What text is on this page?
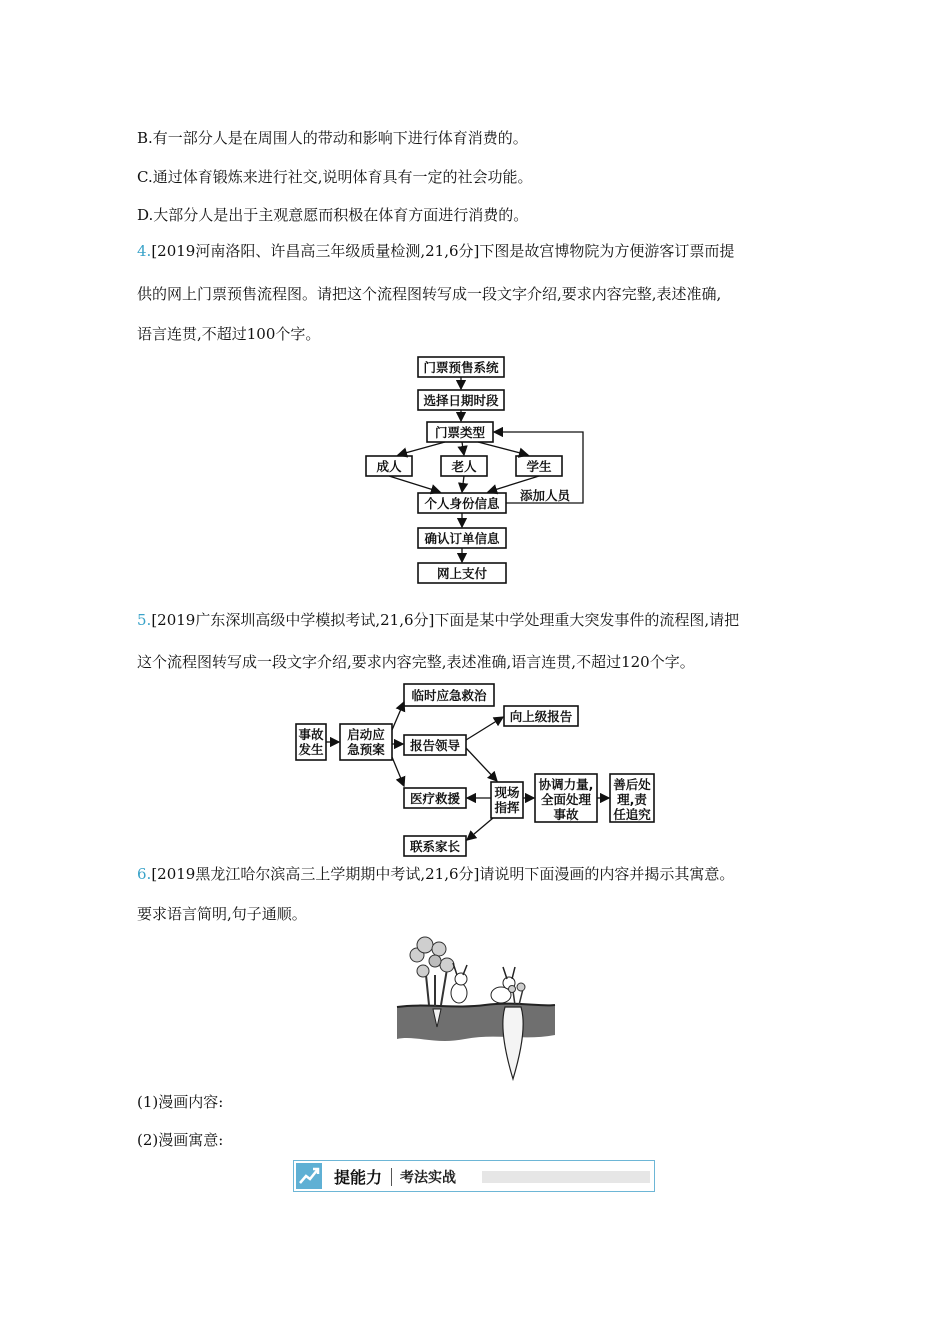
B.有一部分人是在周围人的带动和影响下进行体育消费的。
C.通过体育锻炼来进行社交,说明体育具有一定的社会功能。
D.大部分人是出于主观意愿而积极在体育方面进行消费的。
4.[2019河南洛阳、许昌高三年级质量检测,21,6分]下图是故宫博物院为方便游客订票而提
供的网上门票预售流程图。请把这个流程图转写成一段文字介绍,要求内容完整,表述准确,
语言连贯,不超过100个字。
门票预售系统
选择日期时段
门票类型
成人	老人	学生
个人身份信息
添加人员
确认订单信息
网上支付
5.[2019广东深圳高级中学模拟考试,21,6分]下面是某中学处理重大突发事件的流程图,请把
这个流程图转写成一段文字介绍,要求内容完整,表述准确,语言连贯,不超过120个字。
事故
发生
启动应
急预案
临时应急救治
报告领导
向上级报告
现场
指挥
医疗救援
协调力量,
全面处理
事故
善后处
理,责
任追究
联系家长
6.[2019黑龙江哈尔滨高三上学期期中考试,21,6分]请说明下面漫画的内容并揭示其寓意。
要求语言简明,句子通顺。
(1)漫画内容:
(2)漫画寓意:
提能力 考法实战
